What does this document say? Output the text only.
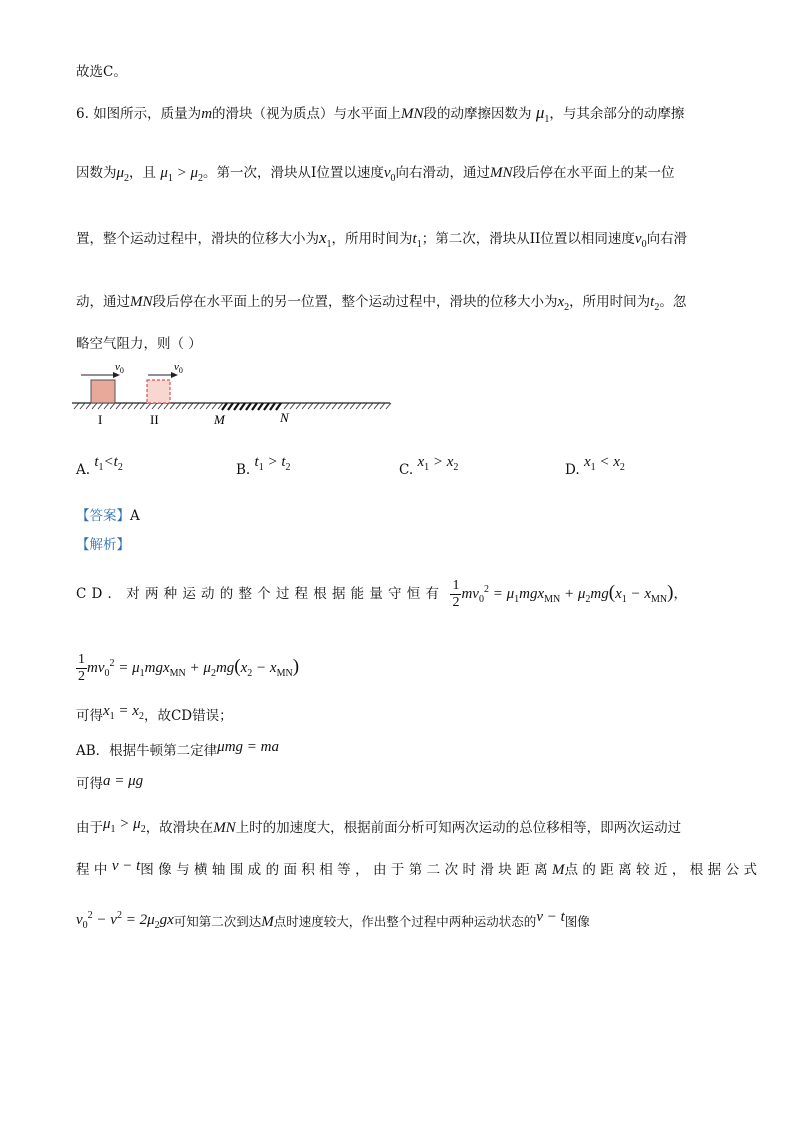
故选C。
6. 如图所示，质量为m的滑块（视为质点）与水平面上MN段的动摩擦因数为 $\mu_1$，与其余部分的动摩擦
因数为$\mu_2$，且 $\mu_1 > \mu_2$。第一次，滑块从I位置以速度$v_0$向右滑动，通过MN段后停在水平面上的某一位
置，整个运动过程中，滑块的位移大小为$x_1$，所用时间为$t_1$；第二次，滑块从II位置以相同速度$v_0$向右滑
动，通过MN段后停在水平面上的另一位置，整个运动过程中，滑块的位移大小为$x_2$，所用时间为$t_2$。忽
略空气阻力，则（ ）
$v_0$	$v_0$
I	II	M	N
A. $t_1<t_2$	B. $t_1 > t_2$	C. $x_1 > x_2$	D. $x_1 < x_2$
【答案】A
【解析】
CD．对两种运动的整个过程根据能量守恒有 $\frac{1}{2} mv_0^2 = \mu_1mgx_{MN} + \mu_2mg(x_1 - x_{MN})$，
$\frac{1}{2} mv_0^2 = \mu_1mgx_{MN} + \mu_2mg(x_2 - x_{MN})$
可得$x_1 = x_2$，故CD错误；
AB．根据牛顿第二定律μmg = ma
可得a = μg
由于$\mu_1 > \mu_2$，故滑块在MN上时的加速度大，根据前面分析可知两次运动的总位移相等，即两次运动过
程中v − t图像与横轴围成的面积相等，由于第二次时滑块距离M点的距离较近，根据公式
$v_0^2 - v^2 = 2\mu_2gx$可知第二次到达M点时速度较大，作出整个过程中两种运动状态的v − t图像
